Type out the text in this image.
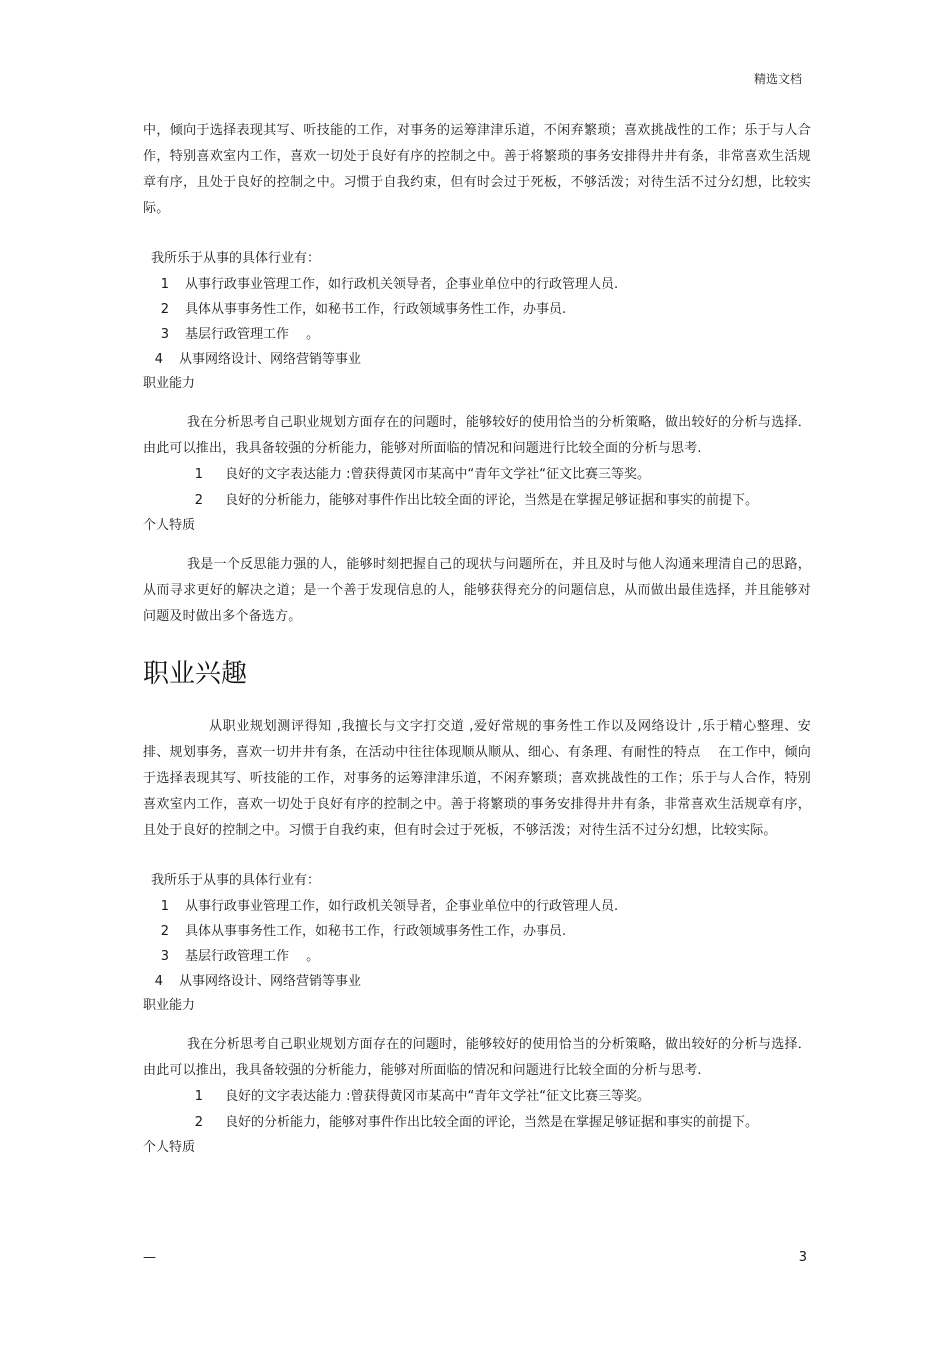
精选文档

中，倾向于选择表现其写、听技能的工作，对事务的运筹津津乐道，不闲弃繁琐；喜欢挑战性的工作；乐于与人合作，特别喜欢室内工作，喜欢一切处于良好有序的控制之中。善于将繁琐的事务安排得井井有条，非常喜欢生活规章有序，且处于良好的控制之中。习惯于自我约束，但有时会过于死板，不够活泼；对待生活不过分幻想，比较实际。

我所乐于从事的具体行业有：

1 从事行政事业管理工作，如行政机关领导者，企事业单位中的行政管理人员.
2 具体从事事务性工作，如秘书工作，行政领域事务性工作，办事员.
3 基层行政管理工作　 。
4 从事网络设计、网络营销等事业

职业能力

我在分析思考自己职业规划方面存在的问题时，能够较好的使用恰当的分析策略，做出较好的分析与选择．由此可以推出，我具备较强的分析能力，能够对所面临的情况和问题进行比较全面的分析与思考.

1 良好的文字表达能力 :曾获得黄冈市某高中“青年文学社“征文比赛三等奖。
2 良好的分析能力，能够对事件作出比较全面的评论，当然是在掌握足够证据和事实的前提下。

个人特质

我是一个反思能力强的人，能够时刻把握自己的现状与问题所在，并且及时与他人沟通来理清自己的思路，从而寻求更好的解决之道；是一个善于发现信息的人，能够获得充分的问题信息，从而做出最佳选择，并且能够对问题及时做出多个备选方。

职业兴趣

从职业规划测评得知 ,我擅长与文字打交道 ,爱好常规的事务性工作以及网络设计 ,乐于精心整理、安排、规划事务，喜欢一切井井有条，在活动中往往体现顺从顺从、细心、有条理、有耐性的特点　 在工作中，倾向于选择表现其写、听技能的工作，对事务的运筹津津乐道，不闲弃繁琐；喜欢挑战性的工作；乐于与人合作，特别喜欢室内工作，喜欢一切处于良好有序的控制之中。善于将繁琐的事务安排得井井有条，非常喜欢生活规章有序，且处于良好的控制之中。习惯于自我约束，但有时会过于死板，不够活泼；对待生活不过分幻想，比较实际。

我所乐于从事的具体行业有：

1 从事行政事业管理工作，如行政机关领导者，企事业单位中的行政管理人员.
2 具体从事事务性工作，如秘书工作，行政领域事务性工作，办事员.
3 基层行政管理工作　 。
4 从事网络设计、网络营销等事业

职业能力

我在分析思考自己职业规划方面存在的问题时，能够较好的使用恰当的分析策略，做出较好的分析与选择．由此可以推出，我具备较强的分析能力，能够对所面临的情况和问题进行比较全面的分析与思考.

1 良好的文字表达能力 :曾获得黄冈市某高中“青年文学社“征文比赛三等奖。
2 良好的分析能力，能够对事件作出比较全面的评论，当然是在掌握足够证据和事实的前提下。

个人特质

—	3
